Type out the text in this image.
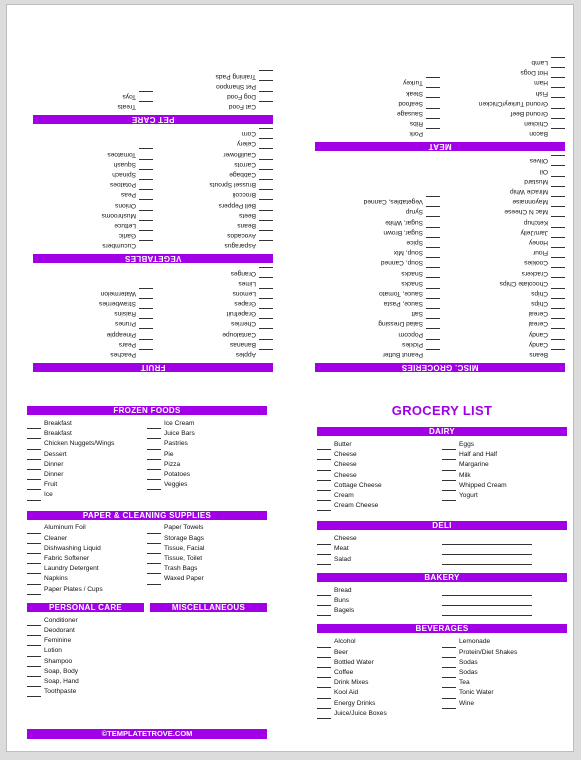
MISC. GROCERIES
Beans
Candy
Candy
Cereal
Cereal
Chips
Chips
Chocolate Chips
Crackers
Cookies
Flour
Honey
Jam/Jelly
Ketchup
Mac N Cheese
Mayonnaise
Miracle Whip
Mustard
Oil
Olives
Peanut Butter
Pickles
Popcorn
Salad Dressing
Salt
Sauce, Pasta
Sauce, Tomato
Snacks
Snacks
Soup, Canned
Soup, Mix
Spice
Sugar, Brown
Sugar, White
Syrup
Vegetables, Canned
MEAT
Bacon
Chicken
Ground Beef
Ground Turkey/Chicken
Fish
Ham
Hot Dogs
Lamb
Pork
Ribs
Sausage
Seafood
Steak
Turkey
FRUIT
Apples
Bananas
Cantaloupe
Cherries
Grapefruit
Grapes
Lemons
Limes
Oranges
Peaches
Pears
Pineapple
Prunes
Raisins
Strawberries
Watermelon
VEGETABLES
Asparagus
Avocados
Beans
Beets
Bell Peppers
Broccoli
Brussel Sprouts
Cabbage
Carrots
Cauliflower
Celery
Corn
Cucumbers
Garlic
Lettuce
Mushrooms
Onions
Peas
Potatoes
Spinach
Squash
Tomatoes
PET CARE
Cat Food
Dog Food
Pet Shampoo
Training Pads
Treats
Toys
FROZEN FOODS
Breakfast
Breakfast
Chicken Nuggets/Wings
Dessert
Dinner
Dinner
Fruit
Ice
Ice Cream
Juice Bars
Pastries
Pie
Pizza
Potatoes
Veggies
PAPER & CLEANING SUPPLIES
Aluminum Foil
Cleaner
Dishwashing Liquid
Fabric Softener
Laundry Detergent
Napkins
Paper Plates / Cups
Paper Towels
Storage Bags
Tissue, Facial
Tissue, Toilet
Trash Bags
Waxed Paper
PERSONAL CARE
Conditioner
Deodorant
Feminine
Lotion
Shampoo
Soap, Body
Soap, Hand
Toothpaste
MISCELLANEOUS
©TEMPLATETROVE.COM
GROCERY LIST
DAIRY
Butter
Cheese
Cheese
Cheese
Cottage Cheese
Cream
Cream Cheese
Eggs
Half and Half
Margarine
Milk
Whipped Cream
Yogurt
DELI
Cheese
Meat
Salad
BAKERY
Bread
Buns
Bagels
BEVERAGES
Alcohol
Beer
Bottled Water
Coffee
Drink Mixes
Kool Aid
Energy Drinks
Juice/Juice Boxes
Lemonade
Protein/Diet Shakes
Sodas
Sodas
Tea
Tonic Water
Wine
